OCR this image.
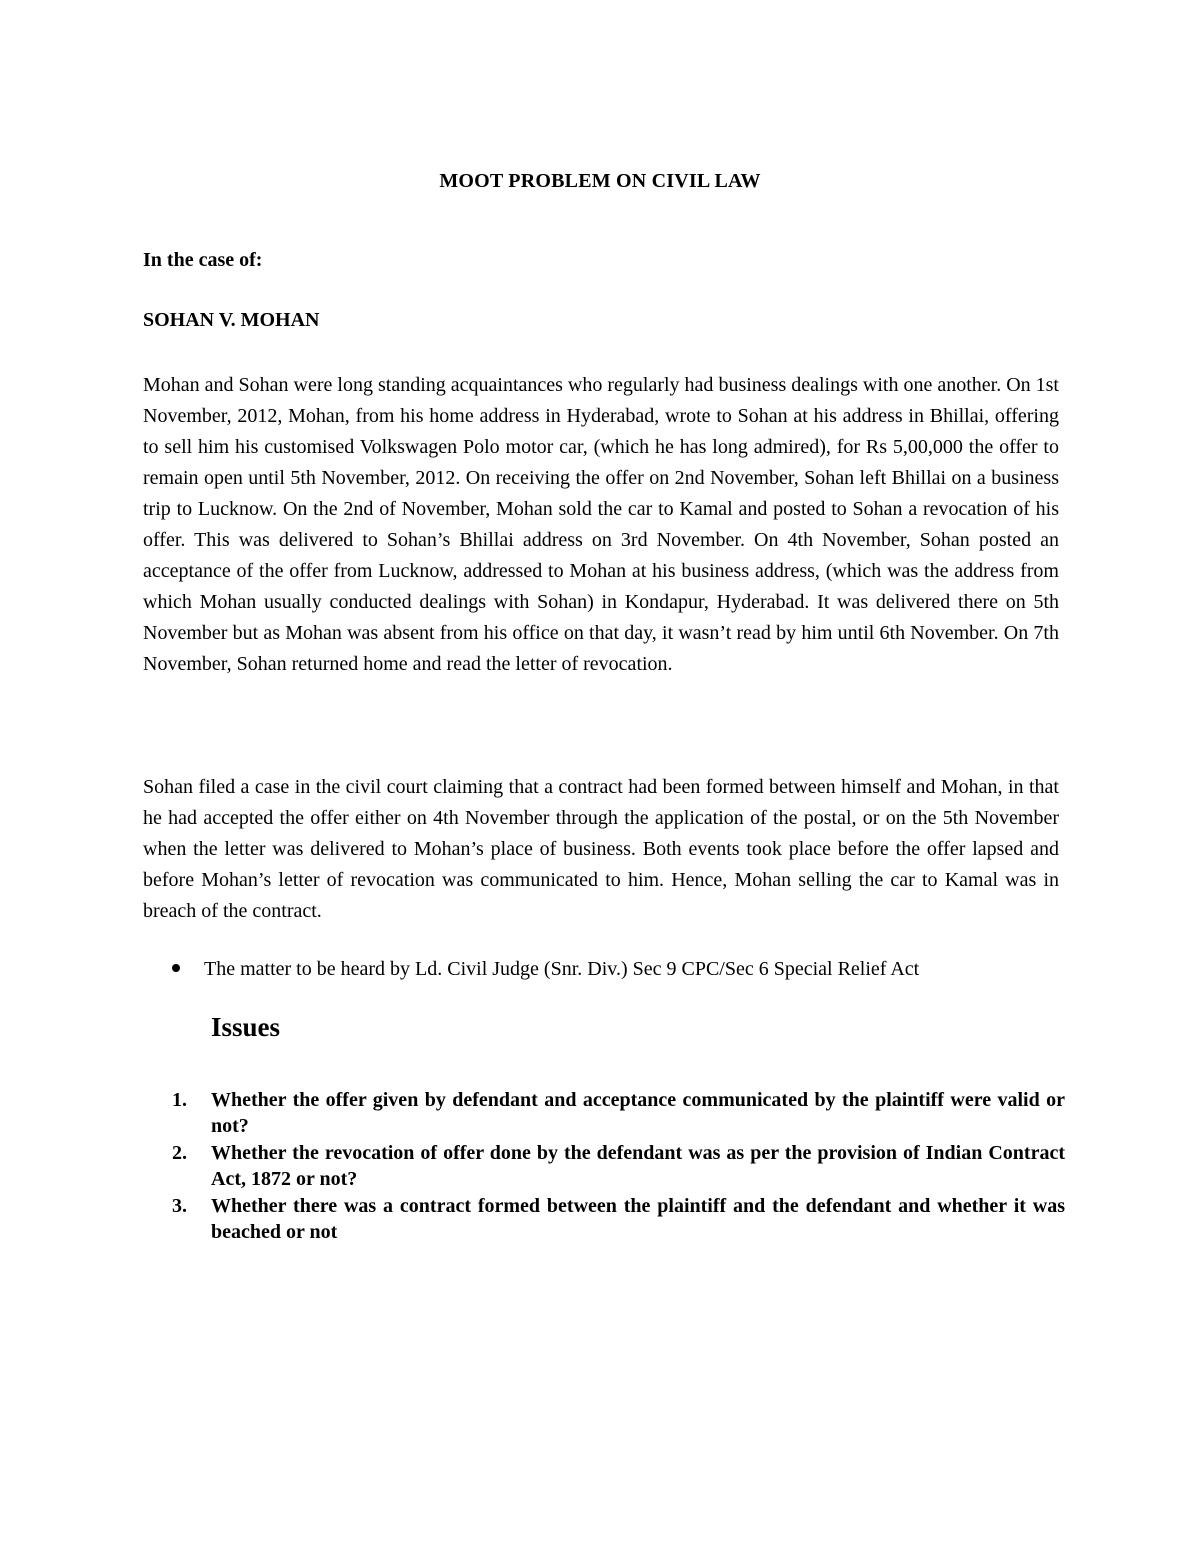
MOOT PROBLEM ON CIVIL LAW
In the case of:
SOHAN V. MOHAN

Mohan and Sohan were long standing acquaintances who regularly had business dealings with one another. On 1st November, 2012, Mohan, from his home address in Hyderabad, wrote to Sohan at his address in Bhillai, offering to sell him his customised Volkswagen Polo motor car, (which he has long admired), for Rs 5,00,000 the offer to remain open until 5th November, 2012. On receiving the offer on 2nd November, Sohan left Bhillai on a business trip to Lucknow. On the 2nd of November, Mohan sold the car to Kamal and posted to Sohan a revocation of his offer. This was delivered to Sohan’s Bhillai address on 3rd November. On 4th November, Sohan posted an acceptance of the offer from Lucknow, addressed to Mohan at his business address, (which was the address from which Mohan usually conducted dealings with Sohan) in Kondapur, Hyderabad. It was delivered there on 5th November but as Mohan was absent from his office on that day, it wasn’t read by him until 6th November. On 7th November, Sohan returned home and read the letter of revocation.

Sohan filed a case in the civil court claiming that a contract had been formed between himself and Mohan, in that he had accepted the offer either on 4th November through the application of the postal, or on the 5th November when the letter was delivered to Mohan’s place of business. Both events took place before the offer lapsed and before Mohan’s letter of revocation was communicated to him. Hence, Mohan selling the car to Kamal was in breach of the contract.

The matter to be heard by Ld. Civil Judge (Snr. Div.) Sec 9 CPC/Sec 6 Special Relief Act
Issues
1.	Whether the offer given by defendant and acceptance communicated by the plaintiff were valid or not?
2.	Whether the revocation of offer done by the defendant was as per the provision of Indian Contract Act, 1872 or not?
3.	Whether there was a contract formed between the plaintiff and the defendant and whether it was beached or not
